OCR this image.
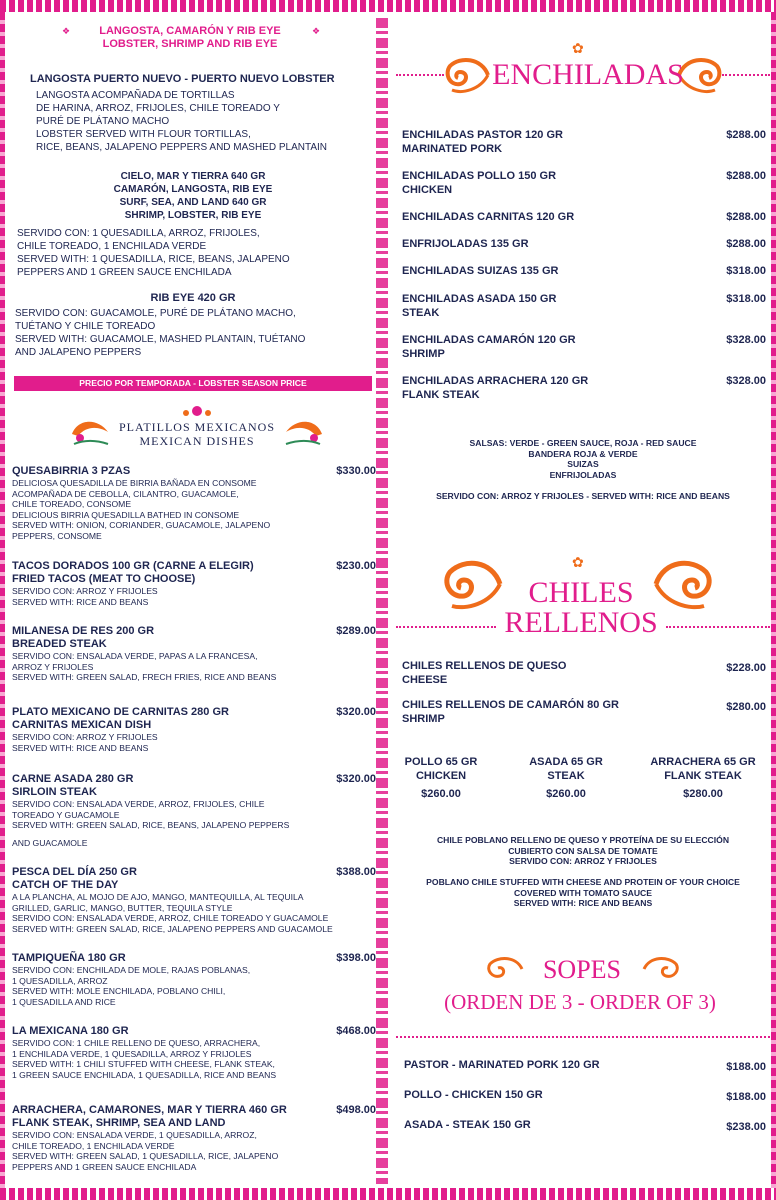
LANGOSTA, CAMARÓN Y RIB EYE
LOBSTER, SHRIMP AND RIB EYE
❖	❖
LANGOSTA PUERTO NUEVO - PUERTO NUEVO LOBSTER
LANGOSTA ACOMPAÑADA DE TORTILLAS
DE HARINA, ARROZ, FRIJOLES, CHILE TOREADO Y
PURÉ DE PLÁTANO MACHO
LOBSTER SERVED WITH FLOUR TORTILLAS,
RICE, BEANS, JALAPENO PEPPERS AND MASHED PLANTAIN
CIELO, MAR Y TIERRA 640 GR
CAMARÓN, LANGOSTA, RIB EYE
SURF, SEA, AND LAND 640 GR
SHRIMP, LOBSTER, RIB EYE
SERVIDO CON: 1 QUESADILLA, ARROZ, FRIJOLES,
CHILE TOREADO, 1 ENCHILADA VERDE
SERVED WITH: 1 QUESADILLA, RICE, BEANS, JALAPENO
PEPPERS AND 1 GREEN SAUCE ENCHILADA
RIB EYE 420 GR
SERVIDO CON: GUACAMOLE, PURÉ DE PLÁTANO MACHO,
TUÉTANO Y CHILE TOREADO
SERVED WITH: GUACAMOLE, MASHED PLANTAIN, TUÉTANO
AND JALAPENO PEPPERS
PRECIO POR TEMPORADA - LOBSTER SEASON PRICE
PLATILLOS MEXICANOS
MEXICAN DISHES
QUESABIRRIA 3 PZAS
DELICIOSA QUESADILLA DE BIRRIA BAÑADA EN CONSOME
ACOMPAÑADA DE CEBOLLA, CILANTRO, GUACAMOLE,
CHILE TOREADO, CONSOME
DELICIOUS BIRRIA QUESADILLA BATHED IN CONSOME
SERVED WITH: ONION, CORIANDER, GUACAMOLE, JALAPENO
PEPPERS, CONSOME
$330.00
TACOS DORADOS 100 GR (CARNE A ELEGIR)
FRIED TACOS (MEAT TO CHOOSE)
SERVIDO CON: ARROZ Y FRIJOLES
SERVED WITH: RICE AND BEANS
$230.00
MILANESA DE RES 200 GR
BREADED STEAK
SERVIDO CON: ENSALADA VERDE, PAPAS A LA FRANCESA,
ARROZ Y FRIJOLES
SERVED WITH: GREEN SALAD, FRECH FRIES, RICE AND BEANS
$289.00
PLATO MEXICANO DE CARNITAS 280 GR
CARNITAS MEXICAN DISH
SERVIDO CON: ARROZ Y FRIJOLES
SERVED WITH: RICE AND BEANS
$320.00
CARNE ASADA 280 GR
SIRLOIN STEAK
SERVIDO CON: ENSALADA VERDE, ARROZ, FRIJOLES, CHILE
TOREADO Y GUACAMOLE
SERVED WITH: GREEN SALAD, RICE, BEANS, JALAPENO PEPPERS
AND GUACAMOLE
$320.00
PESCA DEL DÍA 250 GR
CATCH OF THE DAY
A LA PLANCHA, AL MOJO DE AJO, MANGO, MANTEQUILLA, AL TEQUILA
GRILLED, GARLIC, MANGO, BUTTER, TEQUILA STYLE
SERVIDO CON: ENSALADA VERDE, ARROZ, CHILE TOREADO Y GUACAMOLE
SERVED WITH: GREEN SALAD, RICE, JALAPENO PEPPERS AND GUACAMOLE
$388.00
TAMPIQUEÑA 180 GR
SERVIDO CON: ENCHILADA DE MOLE, RAJAS POBLANAS,
1 QUESADILLA, ARROZ
SERVED WITH: MOLE ENCHILADA, POBLANO CHILI,
1 QUESADILLA AND RICE
$398.00
LA MEXICANA 180 GR
SERVIDO CON: 1 CHILE RELLENO DE QUESO, ARRACHERA,
1 ENCHILADA VERDE, 1 QUESADILLA, ARROZ Y FRIJOLES
SERVED WITH: 1 CHILI STUFFED WITH CHEESE, FLANK STEAK,
1 GREEN SAUCE ENCHILADA, 1 QUESADILLA, RICE AND BEANS
$468.00
ARRACHERA, CAMARONES, MAR Y TIERRA 460 GR
FLANK STEAK, SHRIMP, SEA AND LAND
SERVIDO CON: ENSALADA VERDE, 1 QUESADILLA, ARROZ,
CHILE TOREADO, 1 ENCHILADA VERDE
SERVED WITH: GREEN SALAD, 1 QUESADILLA, RICE, JALAPENO
PEPPERS AND 1 GREEN SAUCE ENCHILADA
$498.00
✿
ENCHILADAS
ENCHILADAS PASTOR 120 GR
MARINATED PORK
$288.00
ENCHILADAS POLLO 150 GR
CHICKEN
$288.00
ENCHILADAS CARNITAS 120 GR	$288.00
ENFRIJOLADAS 135 GR	$288.00
ENCHILADAS SUIZAS 135 GR	$318.00
ENCHILADAS ASADA 150 GR
STEAK
$318.00
ENCHILADAS CAMARÓN 120 GR
SHRIMP
$328.00
ENCHILADAS ARRACHERA 120 GR
FLANK STEAK
$328.00
SALSAS: VERDE - GREEN SAUCE, ROJA - RED SAUCE
BANDERA ROJA & VERDE
SUIZAS
ENFRIJOLADAS
SERVIDO CON: ARROZ Y FRIJOLES - SERVED WITH: RICE AND BEANS
✿
CHILES
RELLENOS
CHILES RELLENOS DE QUESO
CHEESE
$228.00
CHILES RELLENOS DE CAMARÓN 80 GR
SHRIMP
$280.00
POLLO 65 GR
CHICKEN
$260.00
ASADA 65 GR
STEAK
$260.00
ARRACHERA 65 GR
FLANK STEAK
$280.00
CHILE POBLANO RELLENO DE QUESO Y PROTEÍNA DE SU ELECCIÓN
CUBIERTO CON SALSA DE TOMATE
SERVIDO CON: ARROZ Y FRIJOLES
POBLANO CHILE STUFFED WITH CHEESE AND PROTEIN OF YOUR CHOICE
COVERED WITH TOMATO SAUCE
SERVED WITH: RICE AND BEANS
SOPES
(ORDEN DE 3 - ORDER OF 3)
PASTOR - MARINATED PORK 120 GR	$188.00
POLLO - CHICKEN 150 GR	$188.00
ASADA - STEAK 150 GR	$238.00
